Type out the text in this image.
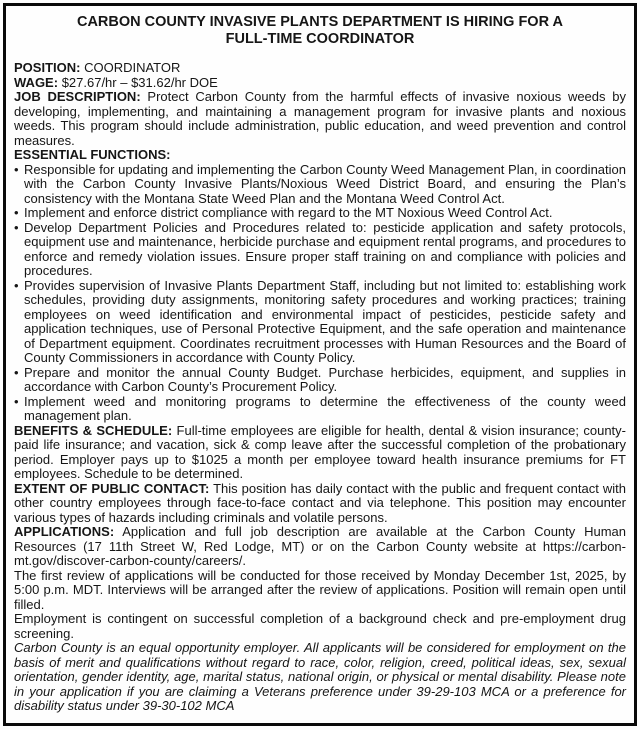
CARBON COUNTY INVASIVE PLANTS DEPARTMENT IS HIRING FOR A
FULL-TIME COORDINATOR

POSITION: COORDINATOR

WAGE: $27.67/hr – $31.62/hr DOE

JOB DESCRIPTION: Protect Carbon County from the harmful effects of invasive noxious weeds by developing, implementing, and maintaining a management program for invasive plants and noxious weeds. This program should include administration, public education, and weed prevention and control measures.

ESSENTIAL FUNCTIONS:

• Responsible for updating and implementing the Carbon County Weed Management Plan, in coordination with the Carbon County Invasive Plants/Noxious Weed District Board, and ensuring the Plan’s consistency with the Montana State Weed Plan and the Montana Weed Control Act.
• Implement and enforce district compliance with regard to the MT Noxious Weed Control Act.
• Develop Department Policies and Procedures related to: pesticide application and safety protocols, equipment use and maintenance, herbicide purchase and equipment rental programs, and procedures to enforce and remedy violation issues. Ensure proper staff training on and compliance with policies and procedures.
• Provides supervision of Invasive Plants Department Staff, including but not limited to: establishing work schedules, providing duty assignments, monitoring safety procedures and working practices; training employees on weed identification and environmental impact of pesticides, pesticide safety and application techniques, use of Personal Protective Equipment, and the safe operation and maintenance of Department equipment. Coordinates recruitment processes with Human Resources and the Board of County Commissioners in accordance with County Policy.
• Prepare and monitor the annual County Budget. Purchase herbicides, equipment, and supplies in accordance with Carbon County’s Procurement Policy.
• Implement weed and monitoring programs to determine the effectiveness of the county weed management plan.

BENEFITS & SCHEDULE: Full-time employees are eligible for health, dental & vision insurance; county-paid life insurance; and vacation, sick & comp leave after the successful completion of the probationary period. Employer pays up to $1025 a month per employee toward health insurance premiums for FT employees. Schedule to be determined.

EXTENT OF PUBLIC CONTACT: This position has daily contact with the public and frequent contact with other country employees through face-to-face contact and via telephone. This position may encounter various types of hazards including criminals and volatile persons.

APPLICATIONS: Application and full job description are available at the Carbon County Human Resources (17 11th Street W, Red Lodge, MT) or on the Carbon County website at https://carbon-mt.gov/discover-carbon-county/careers/.

The first review of applications will be conducted for those received by Monday December 1st, 2025, by 5:00 p.m. MDT. Interviews will be arranged after the review of applications. Position will remain open until filled.

Employment is contingent on successful completion of a background check and pre-employment drug screening.

Carbon County is an equal opportunity employer. All applicants will be considered for employment on the basis of merit and qualifications without regard to race, color, religion, creed, political ideas, sex, sexual orientation, gender identity, age, marital status, national origin, or physical or mental disability. Please note in your application if you are claiming a Veterans preference under 39-29-103 MCA or a preference for disability status under 39-30-102 MCA
